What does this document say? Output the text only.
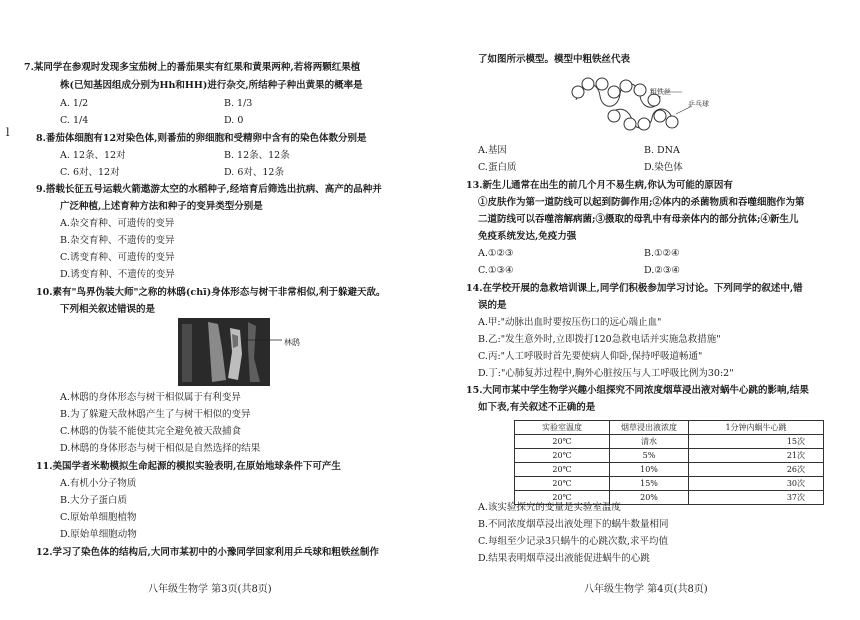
l
7.某同学在参观时发现多宝茄树上的番茄果实有红果和黄果两种,若将两颗红果植
株(已知基因组成分别为Hh和HH)进行杂交,所结种子种出黄果的概率是
A. 1/2	B. 1/3
C. 1/4	D. 0
8.番茄体细胞有12对染色体,则番茄的卵细胞和受精卵中含有的染色体数分别是
A. 12条、12对	B. 12条、12条
C. 6对、12对	D. 6对、12条
9.搭载长征五号运载火箭遨游太空的水稻种子,经培育后筛选出抗病、高产的品种并
广泛种植,上述育种方法和种子的变异类型分别是
A.杂交育种、可遗传的变异
B.杂交育种、不遗传的变异
C.诱变育种、可遗传的变异
D.诱变育种、不遗传的变异
10.素有"鸟界伪装大师"之称的林鸱(chī)身体形态与树干非常相似,利于躲避天敌。
下列相关叙述错误的是
林鸱
A.林鸱的身体形态与树干相似属于有利变异
B.为了躲避天敌林鸱产生了与树干相似的变异
C.林鸱的伪装不能使其完全避免被天敌捕食
D.林鸱的身体形态与树干相似是自然选择的结果
11.美国学者米勒模拟生命起源的模拟实验表明,在原始地球条件下可产生
A.有机小分子物质
B.大分子蛋白质
C.原始单细胞植物
D.原始单细胞动物
12.学习了染色体的结构后,大同市某初中的小豫同学回家利用乒乓球和粗铁丝制作
八年级生物学 第3页(共8页)
了如图所示模型。模型中粗铁丝代表
粗铁丝
乒乓球
A.基因	B. DNA
C.蛋白质	D.染色体
13.新生儿通常在出生的前几个月不易生病,你认为可能的原因有
①皮肤作为第一道防线可以起到防御作用;②体内的杀菌物质和吞噬细胞作为第
二道防线可以吞噬溶解病菌;③摄取的母乳中有母亲体内的部分抗体;④新生儿
免疫系统发达,免疫力强
A.①②③	B.①②④
C.①③④	D.②③④
14.在学校开展的急救培训课上,同学们积极参加学习讨论。下列同学的叙述中,错
误的是
A.甲:"动脉出血时要按压伤口的远心端止血"
B.乙:"发生意外时,立即拨打120急救电话并实施急救措施"
C.丙:"人工呼吸时首先要使病人仰卧,保持呼吸道畅通"
D.丁:"心肺复苏过程中,胸外心脏按压与人工呼吸比例为30:2"
15.大同市某中学生物学兴趣小组探究不同浓度烟草浸出液对蜗牛心跳的影响,结果
如下表,有关叙述不正确的是
实验室温度	烟草浸出液浓度	1分钟内蜗牛心跳
20℃	清水	15次
20℃	5%	21次
20℃	10%	26次
20℃	15%	30次
20℃	20%	37次
A.该实验探究的变量是实验室温度
B.不同浓度烟草浸出液处理下的蜗牛数量相同
C.每组至少记录3只蜗牛的心跳次数,求平均值
D.结果表明烟草浸出液能促进蜗牛的心跳
八年级生物学 第4页(共8页)
